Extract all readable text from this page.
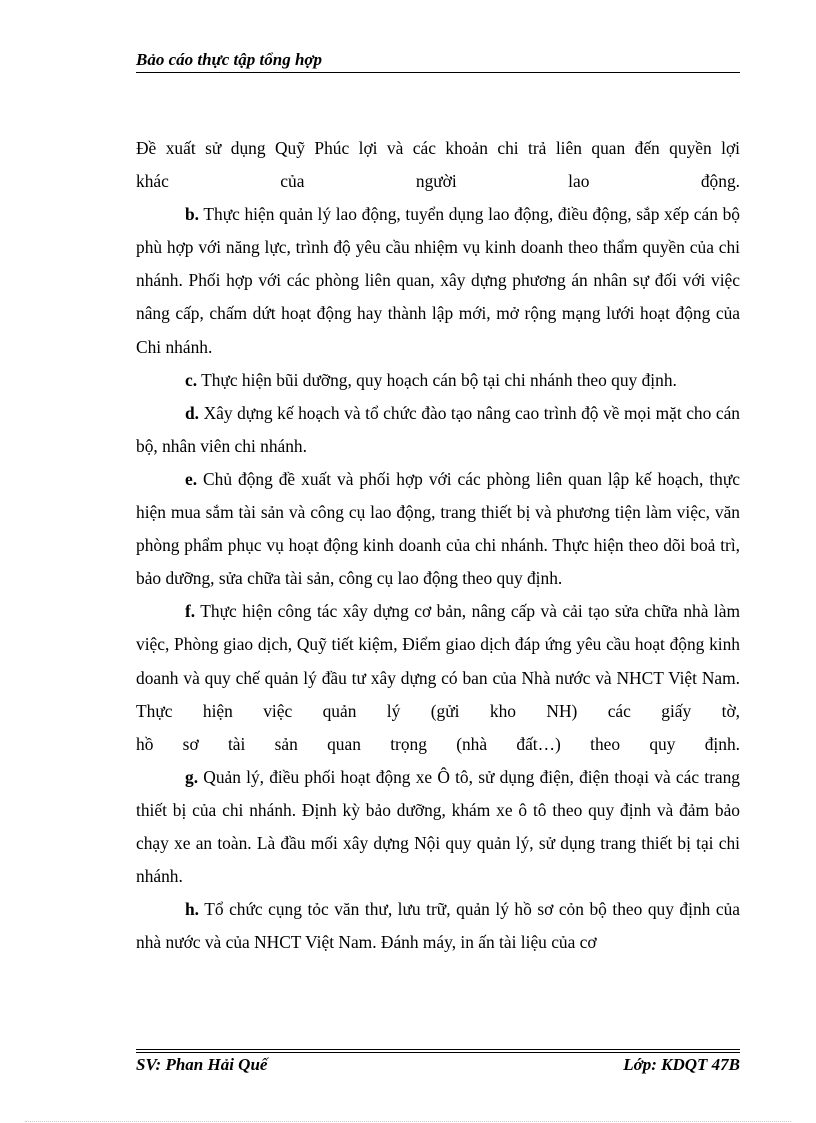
Bảo cáo thực tập tổng hợp

Đề xuất sử dụng Quỹ Phúc lợi và các khoản chi trả liên quan đến quyền lợi

khác của người lao động.

b. Thực hiện quản lý lao động, tuyển dụng lao động, điều động, sắp xếp cán bộ phù hợp với năng lực, trình độ yêu cầu nhiệm vụ kinh doanh theo thẩm quyền của chi nhánh. Phối hợp với các phòng liên quan, xây dựng phương án nhân sự đối với việc nâng cấp, chấm dứt hoạt động hay thành lập mới, mở rộng mạng lưới hoạt động của Chi nhánh.

c. Thực hiện bũi dưỡng, quy hoạch cán bộ tại chi nhánh theo quy định.

d. Xây dựng kế hoạch và tổ chức đào tạo nâng cao trình độ về mọi mặt cho cán bộ, nhân viên chi nhánh.

e. Chủ động đề xuất và phối hợp với các phòng liên quan lập kế hoạch, thực hiện mua sắm tài sản và công cụ lao động, trang thiết bị và phương tiện làm việc, văn phòng phẩm phục vụ hoạt động kinh doanh của chi nhánh. Thực hiện theo dõi boả trì, bảo dưỡng, sửa chữa tài sản, công cụ lao động theo quy định.

f. Thực hiện công tác xây dựng cơ bản, nâng cấp và cải tạo sửa chữa nhà làm việc, Phòng giao dịch, Quỹ tiết kiệm, Điểm giao dịch đáp ứng yêu cầu hoạt động kinh doanh và quy chế quản lý đầu tư xây dựng có ban của Nhà nước và NHCT Việt Nam. Thực hiện việc quản lý (gửi kho NH) các giấy tờ,

hồ sơ tài sản quan trọng (nhà đất…) theo quy định.

g. Quản lý, điều phối hoạt động xe Ô tô, sử dụng điện, điện thoại và các trang thiết bị của chi nhánh. Định kỳ bảo dưỡng, khám xe ô tô theo quy định và đảm bảo chạy xe an toàn. Là đầu mối xây dựng Nội quy quản lý, sử dụng trang thiết bị tại chi nhánh.

h. Tổ chức cụng tỏc văn thư, lưu trữ, quản lý hồ sơ cỏn bộ theo quy định của nhà nước và của NHCT Việt Nam. Đánh máy, in ấn tài liệu của cơ

SV: Phan Hải Quế	Lớp: KDQT 47B
